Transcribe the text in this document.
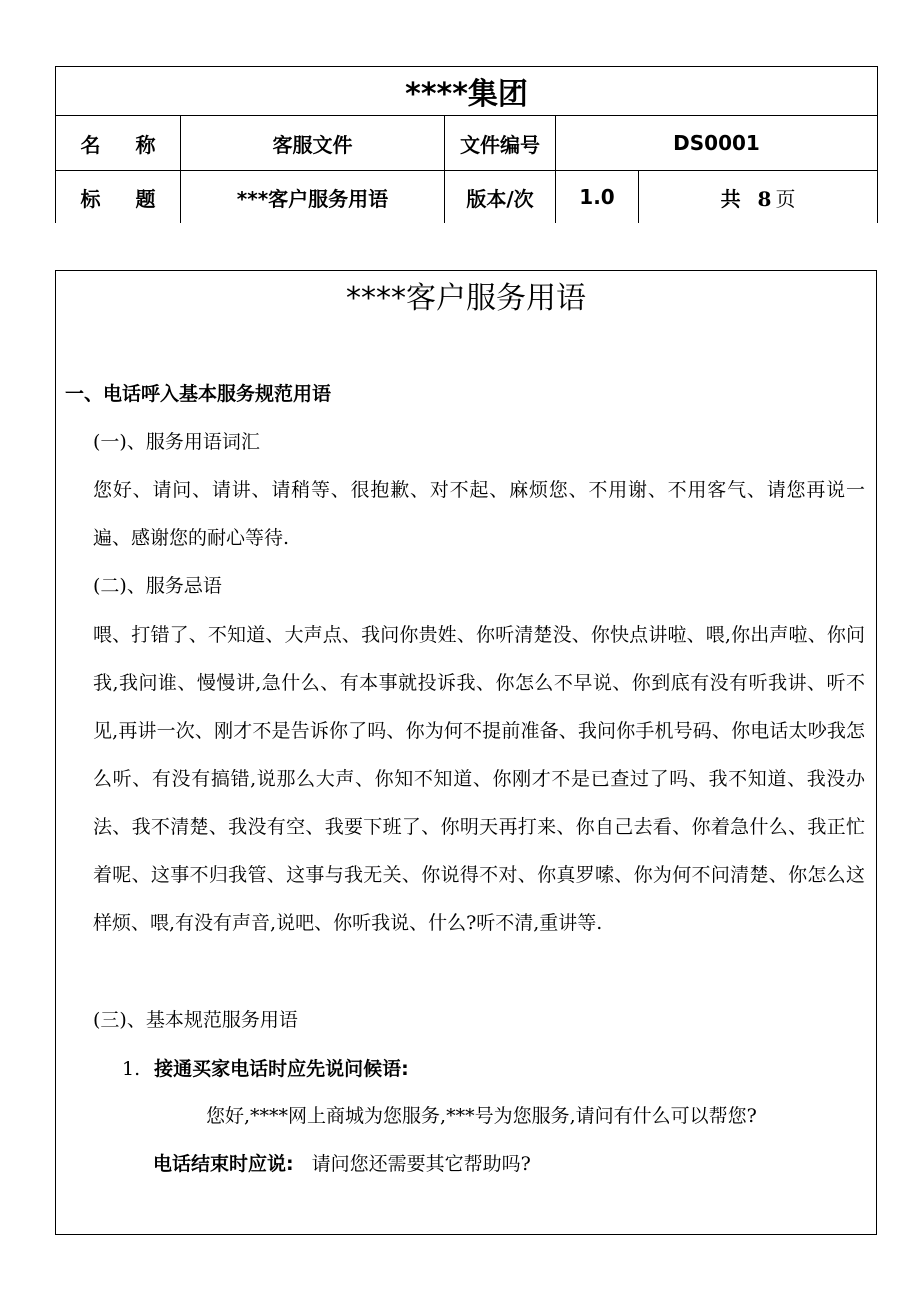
****集团				
名 称	客服文件	文件编号	DS0001	
标 题	***客户服务用语	版本/次	1.0	共 8 页
****客户服务用语
一、电话呼入基本服务规范用语

(一)、服务用语词汇

您好、请问、请讲、请稍等、很抱歉、对不起、麻烦您、不用谢、不用客气、请您再说一遍、感谢您的耐心等待.

(二)、服务忌语

喂、打错了、不知道、大声点、我问你贵姓、你听清楚没、你快点讲啦、喂,你出声啦、你问我,我问谁、慢慢讲,急什么、有本事就投诉我、你怎么不早说、你到底有没有听我讲、听不见,再讲一次、刚才不是告诉你了吗、你为何不提前准备、我问你手机号码、你电话太吵我怎么听、有没有搞错,说那么大声、你知不知道、你刚才不是已查过了吗、我不知道、我没办法、我不清楚、我没有空、我要下班了、你明天再打来、你自己去看、你着急什么、我正忙着呢、这事不归我管、这事与我无关、你说得不对、你真罗嗦、你为何不问清楚、你怎么这样烦、喂,有没有声音,说吧、你听我说、什么?听不清,重讲等.

(三)、基本规范服务用语

1. 接通买家电话时应先说问候语:

您好,****网上商城为您服务,***号为您服务,请问有什么可以帮您?

电话结束时应说: 请问您还需要其它帮助吗?
